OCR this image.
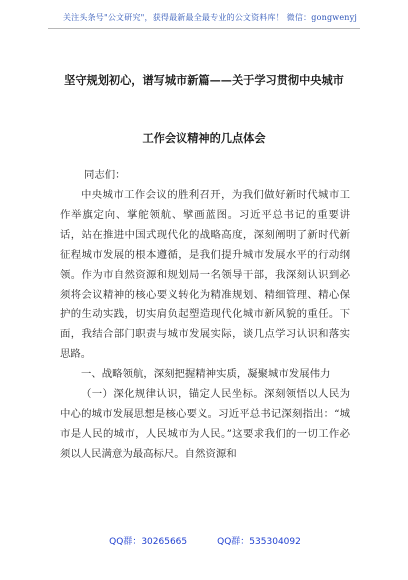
关注头条号"公文研究"，获得最新最全最专业的公文资料库！ 微信：gongwenyj
坚守规划初心，谱写城市新篇——关于学习贯彻中央城市
工作会议精神的几点体会
同志们：

中央城市工作会议的胜利召开，为我们做好新时代城市工作举旗定向、掌舵领航、擘画蓝图。习近平总书记的重要讲话，站在推进中国式现代化的战略高度，深刻阐明了新时代新征程城市发展的根本遵循，是我们提升城市发展水平的行动纲领。作为市自然资源和规划局一名领导干部，我深刻认识到必须将会议精神的核心要义转化为精准规划、精细管理、精心保护的生动实践，切实肩负起塑造现代化城市新风貌的重任。下面，我结合部门职责与城市发展实际，谈几点学习认识和落实思路。

一、战略领航，深刻把握精神实质，凝聚城市发展伟力

（一）深化规律认识，锚定人民坐标。深刻领悟以人民为中心的城市发展思想是核心要义。习近平总书记深刻指出：“城市是人民的城市，人民城市为人民。”这要求我们的一切工作必须以人民满意为最高标尺。自然资源和

QQ群：30265665	QQ群：535304092
